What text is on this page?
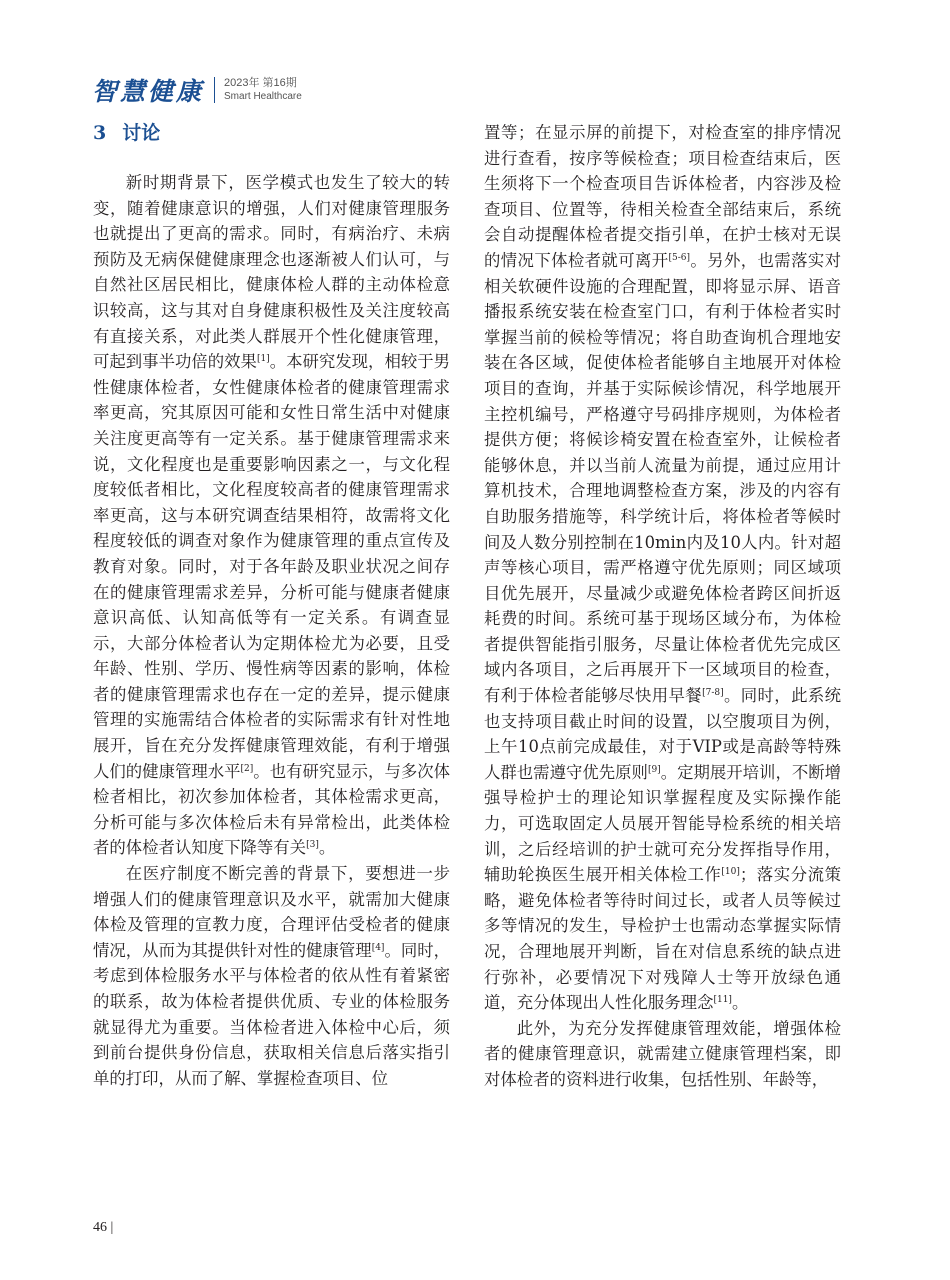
智慧健康 2023年 第16期
Smart Healthcare
3 讨论

新时期背景下，医学模式也发生了较大的转变，随着健康意识的增强，人们对健康管理服务也就提出了更高的需求。同时，有病治疗、未病预防及无病保健健康理念也逐渐被人们认可，与自然社区居民相比，健康体检人群的主动体检意识较高，这与其对自身健康积极性及关注度较高有直接关系，对此类人群展开个性化健康管理，可起到事半功倍的效果[1]。本研究发现，相较于男性健康体检者，女性健康体检者的健康管理需求率更高，究其原因可能和女性日常生活中对健康关注度更高等有一定关系。基于健康管理需求来说，文化程度也是重要影响因素之一，与文化程度较低者相比，文化程度较高者的健康管理需求率更高，这与本研究调查结果相符，故需将文化程度较低的调查对象作为健康管理的重点宣传及教育对象。同时，对于各年龄及职业状况之间存在的健康管理需求差异，分析可能与健康者健康意识高低、认知高低等有一定关系。有调查显示，大部分体检者认为定期体检尤为必要，且受年龄、性别、学历、慢性病等因素的影响，体检者的健康管理需求也存在一定的差异，提示健康管理的实施需结合体检者的实际需求有针对性地展开，旨在充分发挥健康管理效能，有利于增强人们的健康管理水平[2]。也有研究显示，与多次体检者相比，初次参加体检者，其体检需求更高，分析可能与多次体检后未有异常检出，此类体检者的体检者认知度下降等有关[3]。

在医疗制度不断完善的背景下，要想进一步增强人们的健康管理意识及水平，就需加大健康体检及管理的宣教力度，合理评估受检者的健康情况，从而为其提供针对性的健康管理[4]。同时，考虑到体检服务水平与体检者的依从性有着紧密的联系，故为体检者提供优质、专业的体检服务就显得尤为重要。当体检者进入体检中心后，须到前台提供身份信息，获取相关信息后落实指引单的打印，从而了解、掌握检查项目、位

置等；在显示屏的前提下，对检查室的排序情况进行查看，按序等候检查；项目检查结束后，医生须将下一个检查项目告诉体检者，内容涉及检查项目、位置等，待相关检查全部结束后，系统会自动提醒体检者提交指引单，在护士核对无误的情况下体检者就可离开[5-6]。另外，也需落实对相关软硬件设施的合理配置，即将显示屏、语音播报系统安装在检查室门口，有利于体检者实时掌握当前的候检等情况；将自助查询机合理地安装在各区域，促使体检者能够自主地展开对体检项目的查询，并基于实际候诊情况，科学地展开主控机编号，严格遵守号码排序规则，为体检者提供方便；将候诊椅安置在检查室外，让候检者能够休息，并以当前人流量为前提，通过应用计算机技术，合理地调整检查方案，涉及的内容有自助服务措施等，科学统计后，将体检者等候时间及人数分别控制在10min内及10人内。针对超声等核心项目，需严格遵守优先原则；同区域项目优先展开，尽量减少或避免体检者跨区间折返耗费的时间。系统可基于现场区域分布，为体检者提供智能指引服务，尽量让体检者优先完成区域内各项目，之后再展开下一区域项目的检查，有利于体检者能够尽快用早餐[7-8]。同时，此系统也支持项目截止时间的设置，以空腹项目为例，上午10点前完成最佳，对于VIP或是高龄等特殊人群也需遵守优先原则[9]。定期展开培训，不断增强导检护士的理论知识掌握程度及实际操作能力，可选取固定人员展开智能导检系统的相关培训，之后经培训的护士就可充分发挥指导作用，辅助轮换医生展开相关体检工作[10]；落实分流策略，避免体检者等待时间过长，或者人员等候过多等情况的发生，导检护士也需动态掌握实际情况，合理地展开判断，旨在对信息系统的缺点进行弥补，必要情况下对残障人士等开放绿色通道，充分体现出人性化服务理念[11]。

此外，为充分发挥健康管理效能，增强体检者的健康管理意识，就需建立健康管理档案，即对体检者的资料进行收集，包括性别、年龄等，

46 |
